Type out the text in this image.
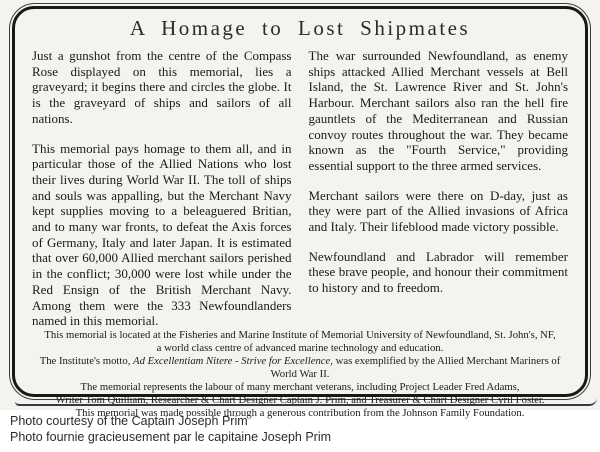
A Homage to Lost Shipmates

Just a gunshot from the centre of the Compass Rose displayed on this memorial, lies a graveyard; it begins there and circles the globe. It is the graveyard of ships and sailors of all nations.

This memorial pays homage to them all, and in particular those of the Allied Nations who lost their lives during World War II. The toll of ships and souls was appalling, but the Merchant Navy kept supplies moving to a beleaguered Britian, and to many war fronts, to defeat the Axis forces of Germany, Italy and later Japan. It is estimated that over 60,000 Allied merchant sailors perished in the conflict; 30,000 were lost while under the Red Ensign of the British Merchant Navy. Among them were the 333 Newfoundlanders named in this memorial.

The war surrounded Newfoundland, as enemy ships attacked Allied Merchant vessels at Bell Island, the St. Lawrence River and St. John's Harbour. Merchant sailors also ran the hell fire gauntlets of the Mediterranean and Russian convoy routes throughout the war. They became known as the "Fourth Service," providing essential support to the three armed services.

Merchant sailors were there on D-day, just as they were part of the Allied invasions of Africa and Italy. Their lifeblood made victory possible.

Newfoundland and Labrador will remember these brave people, and honour their commitment to history and to freedom.

This memorial is located at the Fisheries and Marine Institute of Memorial University of Newfoundland, St. John's, NF,
a world class centre of advanced marine technology and education.
The Institute's motto, Ad Excellentiam Nitere - Strive for Excellence, was exemplified by the Allied Merchant Mariners of World War II.
The memorial represents the labour of many merchant veterans, including Project Leader Fred Adams,
Writer Tom Quilliam, Researcher & Chart Designer Captain J. Prim, and Treasurer & Chart Designer Cyril Foster.
This memorial was made possible through a generous contribution from the Johnson Family Foundation.
Photo courtesy of the Captain Joseph Prim
Photo fournie gracieusement par le capitaine Joseph Prim
